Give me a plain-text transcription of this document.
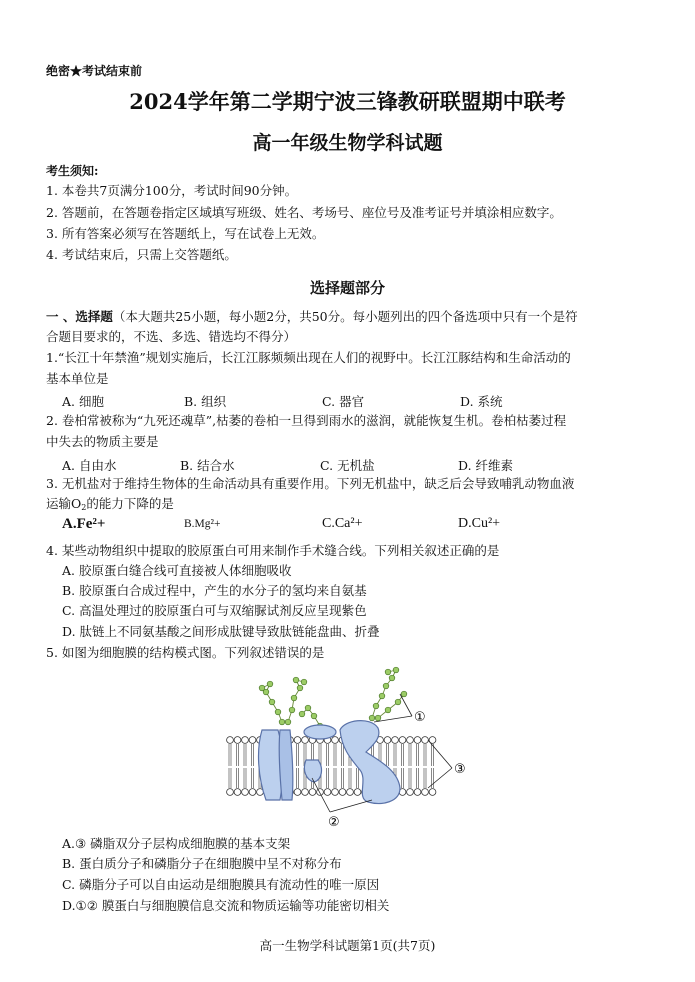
绝密★考试结束前
2024学年第二学期宁波三锋教研联盟期中联考
高一年级生物学科试题
考生须知:
1. 本卷共7页满分100分，考试时间90分钟。
2. 答题前，在答题卷指定区域填写班级、姓名、考场号、座位号及准考证号并填涂相应数字。
3. 所有答案必须写在答题纸上，写在试卷上无效。
4. 考试结束后，只需上交答题纸。
选择题部分
一 、选择题（本大题共25小题，每小题2分，共50分。每小题列出的四个备选项中只有一个是符
合题目要求的，不选、多选、错选均不得分）
1.“长江十年禁渔”规划实施后，长江江豚频频出现在人们的视野中。长江江豚结构和生命活动的
基本单位是
A. 细胞	B. 组织	C. 器官	D. 系统
2. 卷柏常被称为“九死还魂草”,枯萎的卷柏一旦得到雨水的滋润，就能恢复生机。卷柏枯萎过程
中失去的物质主要是
A. 自由水	B. 结合水	C. 无机盐	D. 纤维素
3. 无机盐对于维持生物体的生命活动具有重要作用。下列无机盐中，缺乏后会导致哺乳动物血液
运输$O_2$的能力下降的是
A.Fe²+	B.Mg²+	C.Ca²+	D.Cu²+
4. 某些动物组织中提取的胶原蛋白可用来制作手术缝合线。下列相关叙述正确的是
A. 胶原蛋白缝合线可直接被人体细胞吸收
B. 胶原蛋白合成过程中，产生的水分子的氢均来自氨基
C. 高温处理过的胶原蛋白可与双缩脲试剂反应呈现紫色
D. 肽链上不同氨基酸之间形成肽键导致肽链能盘曲、折叠
5. 如图为细胞膜的结构模式图。下列叙述错误的是
①
③
②
A.③ 磷脂双分子层构成细胞膜的基本支架
B. 蛋白质分子和磷脂分子在细胞膜中呈不对称分布
C. 磷脂分子可以自由运动是细胞膜具有流动性的唯一原因
D.①② 膜蛋白与细胞膜信息交流和物质运输等功能密切相关
高一生物学科试题第1页(共7页)
